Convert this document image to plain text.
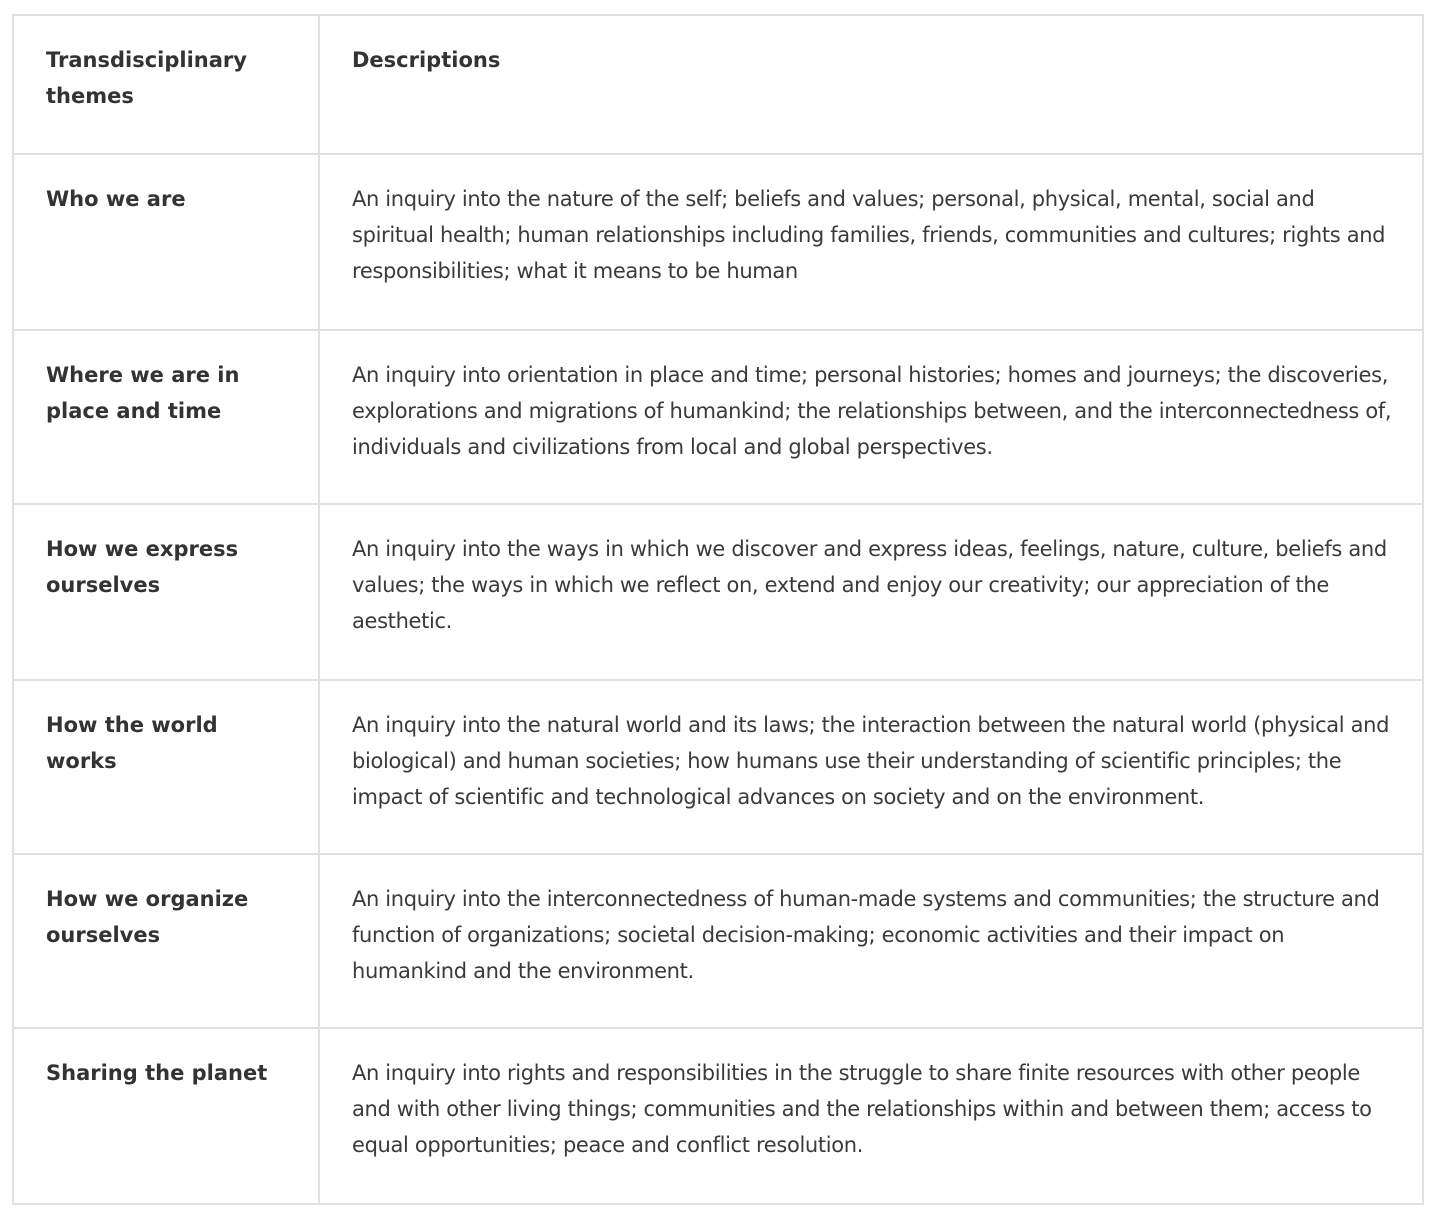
Transdisciplinary themes	Descriptions
Who we are	An inquiry into the nature of the self; beliefs and values; personal, physical, mental, social and spiritual health; human relationships including families, friends, communities and cultures; rights and responsibilities; what it means to be human
Where we are in place and time	An inquiry into orientation in place and time; personal histories; homes and journeys; the discoveries, explorations and migrations of humankind; the relationships between, and the interconnectedness of, individuals and civilizations from local and global perspectives.
How we express ourselves	An inquiry into the ways in which we discover and express ideas, feelings, nature, culture, beliefs and values; the ways in which we reflect on, extend and enjoy our creativity; our appreciation of the aesthetic.
How the world works	An inquiry into the natural world and its laws; the interaction between the natural world (physical and biological) and human societies; how humans use their understanding of scientific principles; the impact of scientific and technological advances on society and on the environment.
How we organize ourselves	An inquiry into the interconnectedness of human-made systems and communities; the structure and function of organizations; societal decision-making; economic activities and their impact on humankind and the environment.
Sharing the planet	An inquiry into rights and responsibilities in the struggle to share finite resources with other people and with other living things; communities and the relationships within and between them; access to equal opportunities; peace and conflict resolution.
